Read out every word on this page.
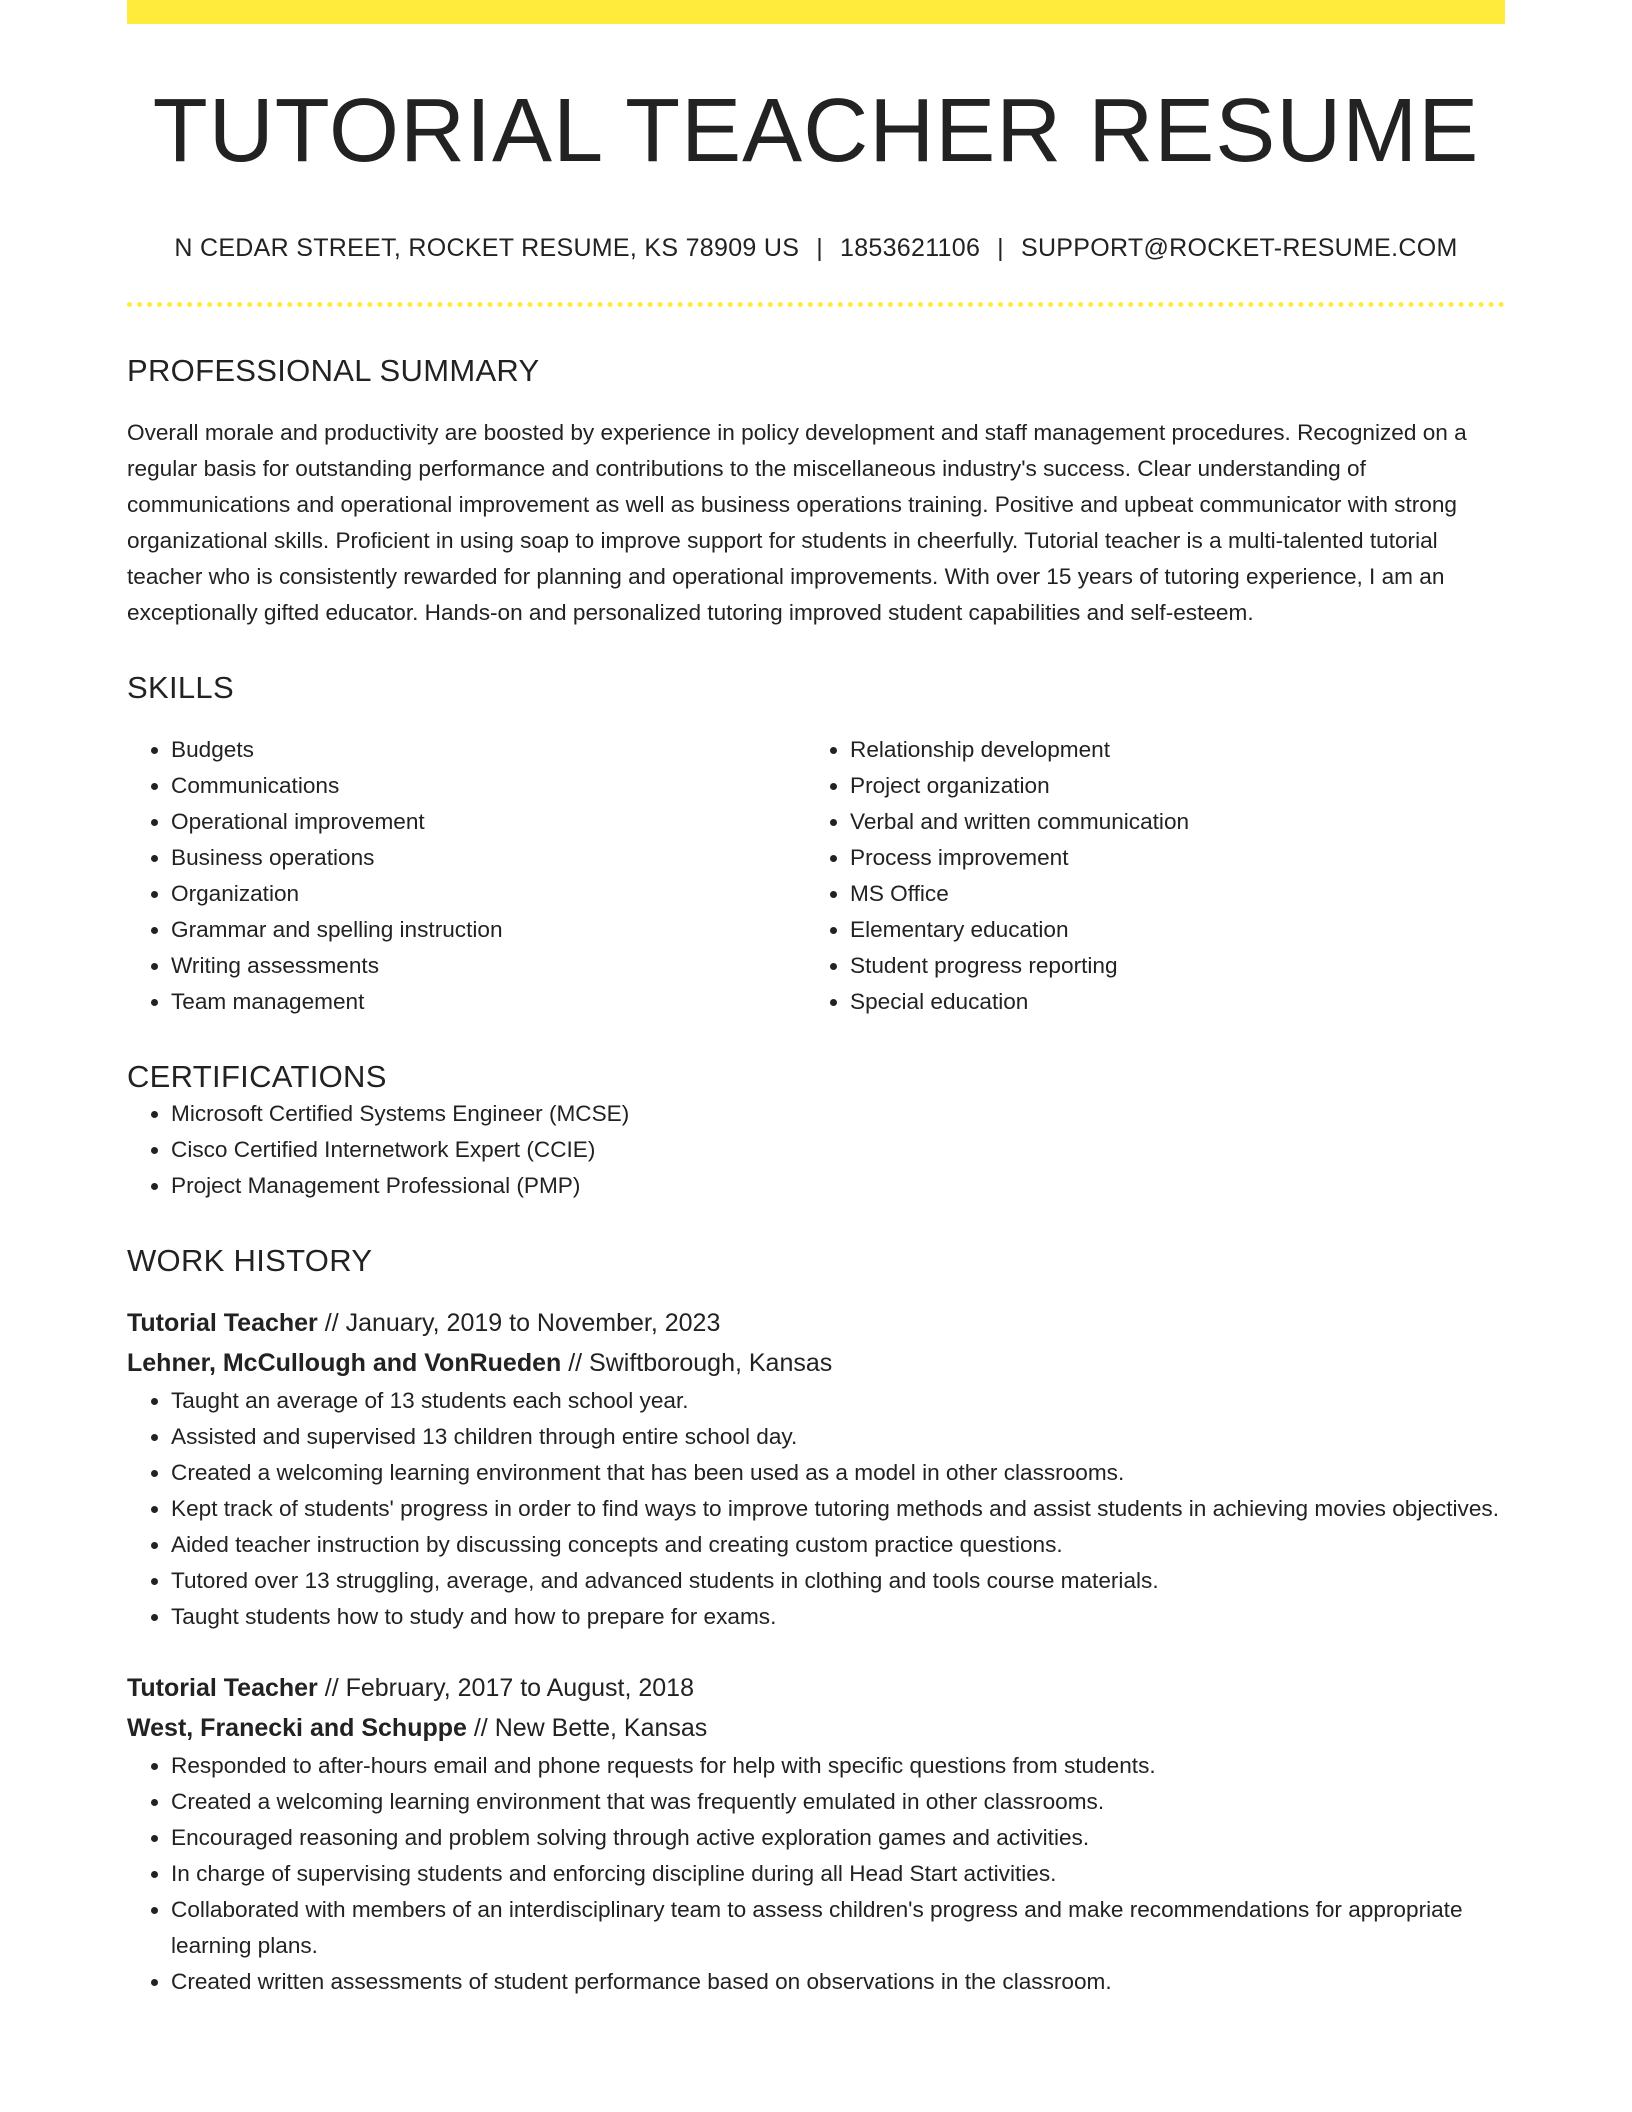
TUTORIAL TEACHER RESUME
N CEDAR STREET, ROCKET RESUME, KS 78909 US | 1853621106 | SUPPORT@ROCKET-RESUME.COM
PROFESSIONAL SUMMARY

Overall morale and productivity are boosted by experience in policy development and staff management procedures. Recognized on a regular basis for outstanding performance and contributions to the miscellaneous industry's success. Clear understanding of communications and operational improvement as well as business operations training. Positive and upbeat communicator with strong organizational skills. Proficient in using soap to improve support for students in cheerfully. Tutorial teacher is a multi-talented tutorial teacher who is consistently rewarded for planning and operational improvements. With over 15 years of tutoring experience, I am an exceptionally gifted educator. Hands-on and personalized tutoring improved student capabilities and self-esteem.

SKILLS
• Budgets
• Communications
• Operational improvement
• Business operations
• Organization
• Grammar and spelling instruction
• Writing assessments
• Team management
• Relationship development
• Project organization
• Verbal and written communication
• Process improvement
• MS Office
• Elementary education
• Student progress reporting
• Special education
CERTIFICATIONS
• Microsoft Certified Systems Engineer (MCSE)
• Cisco Certified Internetwork Expert (CCIE)
• Project Management Professional (PMP)
WORK HISTORY
Tutorial Teacher // January, 2019 to November, 2023
Lehner, McCullough and VonRueden // Swiftborough, Kansas
• Taught an average of 13 students each school year.
• Assisted and supervised 13 children through entire school day.
• Created a welcoming learning environment that has been used as a model in other classrooms.
• Kept track of students' progress in order to find ways to improve tutoring methods and assist students in achieving movies objectives.
• Aided teacher instruction by discussing concepts and creating custom practice questions.
• Tutored over 13 struggling, average, and advanced students in clothing and tools course materials.
• Taught students how to study and how to prepare for exams.
Tutorial Teacher // February, 2017 to August, 2018
West, Franecki and Schuppe // New Bette, Kansas
• Responded to after-hours email and phone requests for help with specific questions from students.
• Created a welcoming learning environment that was frequently emulated in other classrooms.
• Encouraged reasoning and problem solving through active exploration games and activities.
• In charge of supervising students and enforcing discipline during all Head Start activities.
• Collaborated with members of an interdisciplinary team to assess children's progress and make recommendations for appropriate learning plans.
• Created written assessments of student performance based on observations in the classroom.
